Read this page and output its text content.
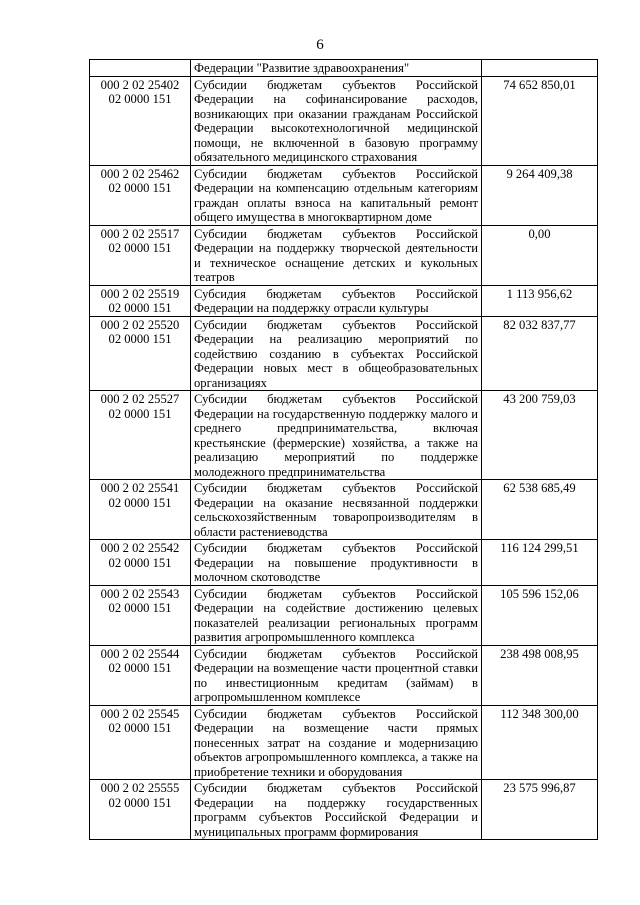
6
	Федерации "Развитие здравоохранения"	

000 2 02 25402
02 0000 151	Субсидии бюджетам субъектов Российской Федерации на софинансирование расходов, возникающих при оказании гражданам Российской Федерации высокотехнологичной медицинской помощи, не включенной в базовую программу обязательного медицинского страхования	74 652 850,01

000 2 02 25462
02 0000 151	Субсидии бюджетам субъектов Российской Федерации на компенсацию отдельным категориям граждан оплаты взноса на капитальный ремонт общего имущества в многоквартирном доме	9 264 409,38

000 2 02 25517
02 0000 151	Субсидии бюджетам субъектов Российской Федерации на поддержку творческой деятельности и техническое оснащение детских и кукольных театров	0,00

000 2 02 25519
02 0000 151	Субсидия бюджетам субъектов Российской Федерации на поддержку отрасли культуры	1 113 956,62

000 2 02 25520
02 0000 151	Субсидии бюджетам субъектов Российской Федерации на реализацию мероприятий по содействию созданию в субъектах Российской Федерации новых мест в общеобразовательных организациях	82 032 837,77

000 2 02 25527
02 0000 151	Субсидии бюджетам субъектов Российской Федерации на государственную поддержку малого и среднего предпринимательства, включая крестьянские (фермерские) хозяйства, а также на реализацию мероприятий по поддержке молодежного предпринимательства	43 200 759,03

000 2 02 25541
02 0000 151	Субсидии бюджетам субъектов Российской Федерации на оказание несвязанной поддержки сельскохозяйственным товаропроизводителям в области растениеводства	62 538 685,49

000 2 02 25542
02 0000 151	Субсидии бюджетам субъектов Российской Федерации на повышение продуктивности в молочном скотоводстве	116 124 299,51

000 2 02 25543
02 0000 151	Субсидии бюджетам субъектов Российской Федерации на содействие достижению целевых показателей реализации региональных программ развития агропромышленного комплекса	105 596 152,06

000 2 02 25544
02 0000 151	Субсидии бюджетам субъектов Российской Федерации на возмещение части процентной ставки по инвестиционным кредитам (займам) в агропромышленном комплексе	238 498 008,95

000 2 02 25545
02 0000 151	Субсидии бюджетам субъектов Российской Федерации на возмещение части прямых понесенных затрат на создание и модернизацию объектов агропромышленного комплекса, а также на приобретение техники и оборудования	112 348 300,00

000 2 02 25555
02 0000 151	Субсидии бюджетам субъектов Российской Федерации на поддержку государственных программ субъектов Российской Федерации и муниципальных программ формирования	23 575 996,87
